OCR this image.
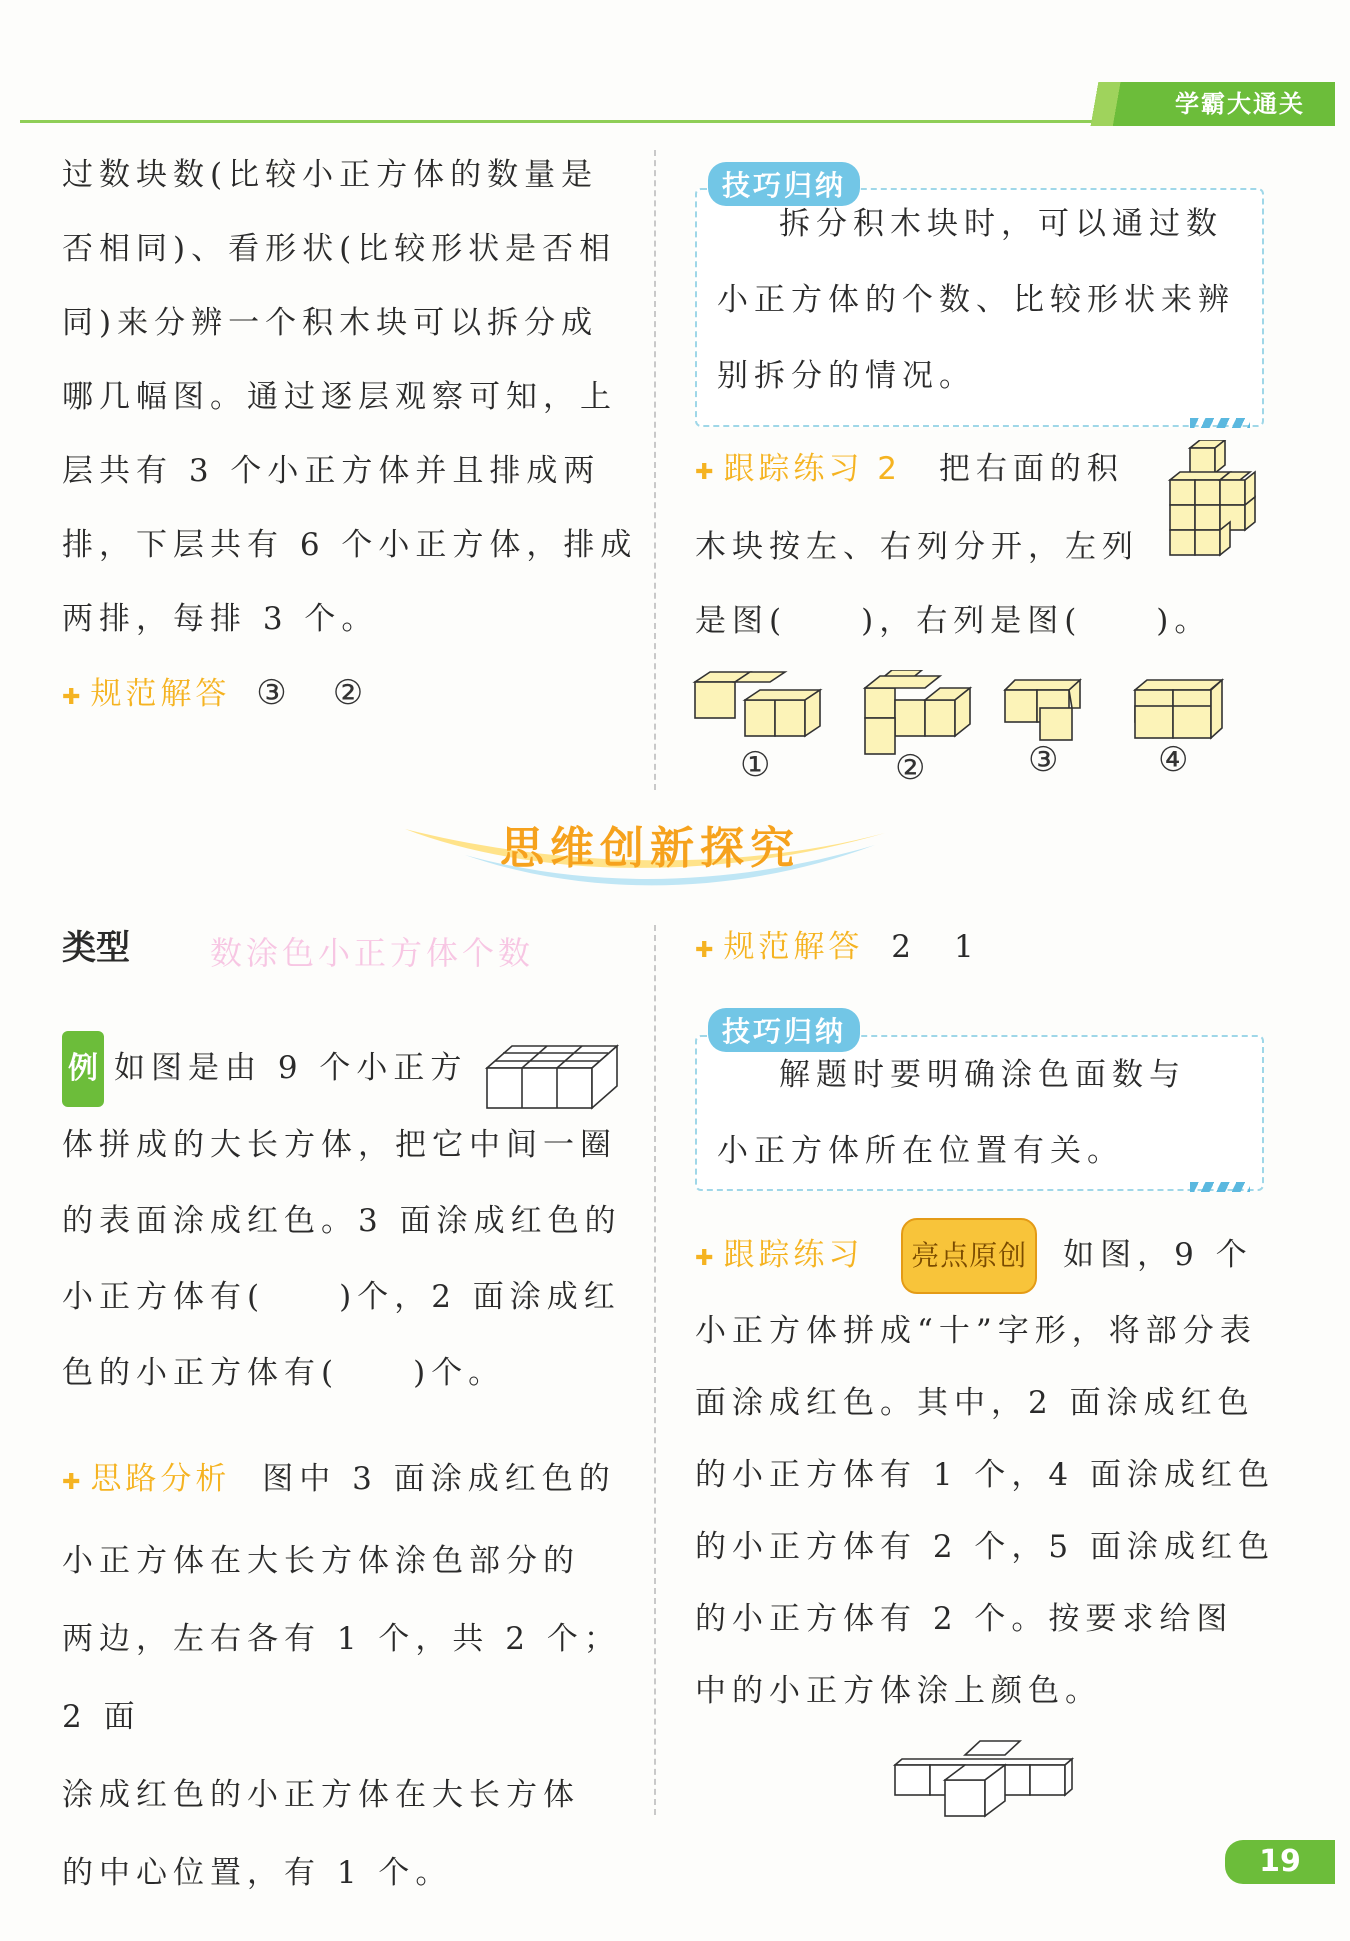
学霸大通关
过数块数(比较小正方体的数量是
否相同)、看形状(比较形状是否相
同)来分辨一个积木块可以拆分成
哪几幅图。通过逐层观察可知，上
层共有 3 个小正方体并且排成两
排，下层共有 6 个小正方体，排成
两排，每排 3 个。
✚ 规范解答 ③　②
拆分积木块时，可以通过数
小正方体的个数、比较形状来辨
别拆分的情况。
技巧归纳
✚ 跟踪练习 2 把右面的积
木块按左、右列分开，左列
是图(　　)，右列是图(　　)。
①	②	③	④
思维创新探究
类型	数涂色小正方体个数
例 如图是由 9 个小正方
体拼成的大长方体，把它中间一圈
的表面涂成红色。3 面涂成红色的
小正方体有(　　)个，2 面涂成红
色的小正方体有(　　)个。
✚ 思路分析 图中 3 面涂成红色的
小正方体在大长方体涂色部分的
两边，左右各有 1 个，共 2 个；2 面
涂成红色的小正方体在大长方体
的中心位置，有 1 个。
✚ 规范解答 2　1
解题时要明确涂色面数与
小正方体所在位置有关。
技巧归纳
✚ 跟踪练习 亮点原创 如图，9 个
小正方体拼成“十”字形，将部分表
面涂成红色。其中，2 面涂成红色
的小正方体有 1 个，4 面涂成红色
的小正方体有 2 个，5 面涂成红色
的小正方体有 2 个。按要求给图
中的小正方体涂上颜色。
19
